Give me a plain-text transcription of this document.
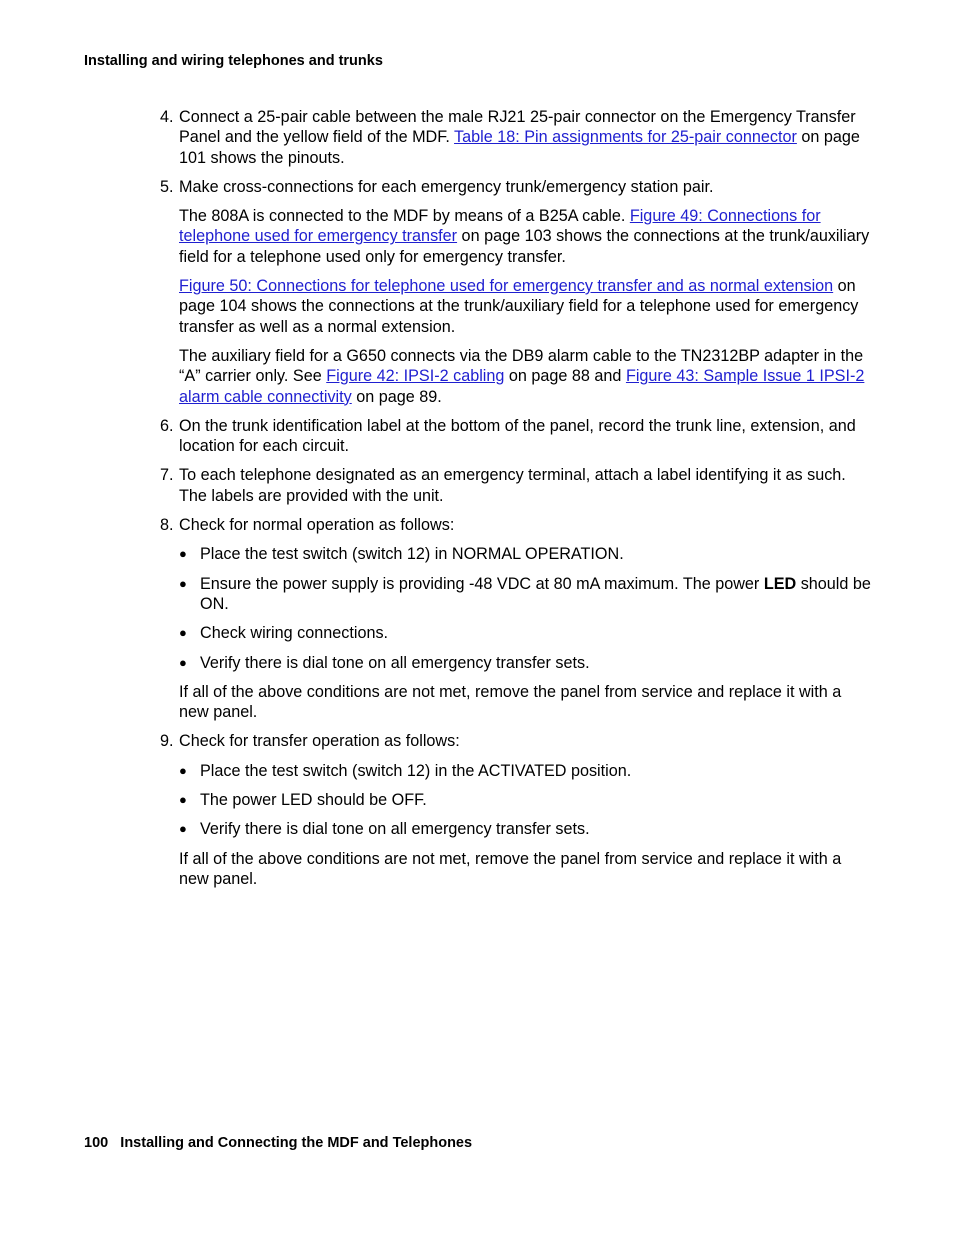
Installing and wiring telephones and trunks
4. Connect a 25-pair cable between the male RJ21 25-pair connector on the Emergency Transfer Panel and the yellow field of the MDF. Table 18: Pin assignments for 25-pair connector on page 101 shows the pinouts.
5. Make cross-connections for each emergency trunk/emergency station pair.
The 808A is connected to the MDF by means of a B25A cable. Figure 49: Connections for telephone used for emergency transfer on page 103 shows the connections at the trunk/auxiliary field for a telephone used only for emergency transfer.
Figure 50: Connections for telephone used for emergency transfer and as normal extension on page 104 shows the connections at the trunk/auxiliary field for a telephone used for emergency transfer as well as a normal extension.
The auxiliary field for a G650 connects via the DB9 alarm cable to the TN2312BP adapter in the “A” carrier only. See Figure 42: IPSI-2 cabling on page 88 and Figure 43: Sample Issue 1 IPSI-2 alarm cable connectivity on page 89.
6. On the trunk identification label at the bottom of the panel, record the trunk line, extension, and location for each circuit.
7. To each telephone designated as an emergency terminal, attach a label identifying it as such. The labels are provided with the unit.
8. Check for normal operation as follows:
● Place the test switch (switch 12) in NORMAL OPERATION.
● Ensure the power supply is providing -48 VDC at 80 mA maximum. The power LED should be ON.
● Check wiring connections.
● Verify there is dial tone on all emergency transfer sets.
If all of the above conditions are not met, remove the panel from service and replace it with a new panel.
9. Check for transfer operation as follows:
● Place the test switch (switch 12) in the ACTIVATED position.
● The power LED should be OFF.
● Verify there is dial tone on all emergency transfer sets.
If all of the above conditions are not met, remove the panel from service and replace it with a new panel.
100 Installing and Connecting the MDF and Telephones
